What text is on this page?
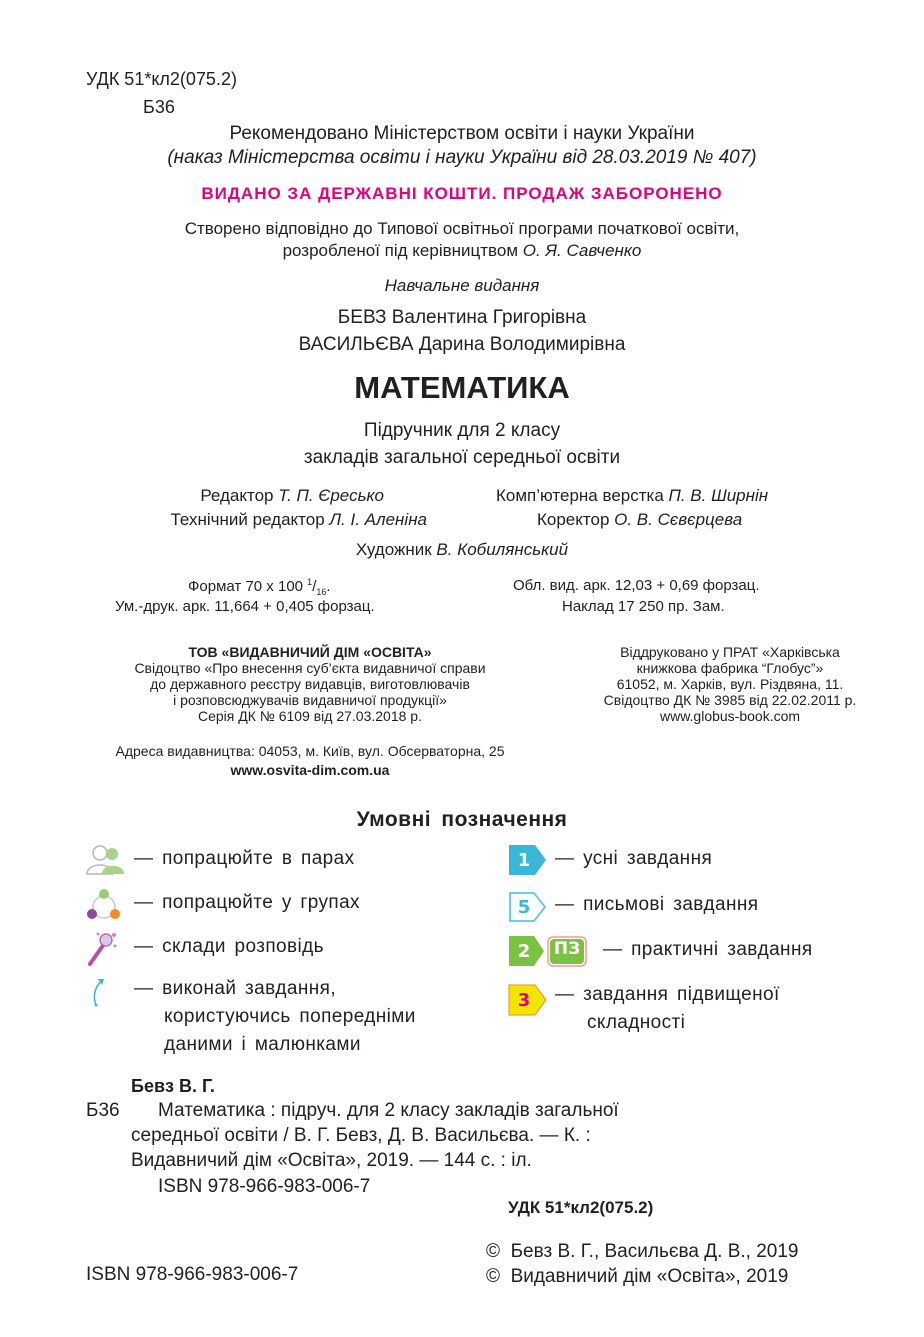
УДК 51*кл2(075.2)
Б36
Рекомендовано Міністерством освіти і науки України
(наказ Міністерства освіти і науки України від 28.03.2019 № 407)
ВИДАНО ЗА ДЕРЖАВНІ КОШТИ. ПРОДАЖ ЗАБОРОНЕНО
Створено відповідно до Типової освітньої програми початкової освіти,
розробленої під керівництвом О. Я. Савченко
Навчальне видання
БЕВЗ Валентина Григорівна
ВАСИЛЬЄВА Дарина Володимирівна
МАТЕМАТИКА
Підручник для 2 класу
закладів загальної середньої освіти
Редактор Т. П. Єресько
Технічний редактор Л. І. Аленіна
Комп’ютерна верстка П. В. Ширнін
Коректор О. В. Сєвєрцева
Художник В. Кобилянський
Формат 70 х 100 $^1/_{16}$.
Ум.-друк. арк. 11,664 + 0,405 форзац.
Обл. вид. арк. 12,03 + 0,69 форзац.
Наклад 17 250 пр. Зам.
ТОВ «ВИДАВНИЧИЙ ДІМ «ОСВІТА»
Свідоцтво «Про внесення суб’єкта видавничої справи
до державного реєстру видавців, виготовлювачів
і розповсюджувачів видавничої продукції»
Серія ДК № 6109 від 27.03.2018 р.
Адреса видавництва: 04053, м. Київ, вул. Обсерваторна, 25
www.osvita-dim.com.ua
Віддруковано у ПРАТ «Харківська
книжкова фабрика “Глобус”»
61052, м. Харків, вул. Різдвяна, 11.
Свідоцтво ДК № 3985 від 22.02.2011 р.
www.globus-book.com
Умовні позначення
— попрацюйте в парах
— попрацюйте у групах
— склади розповідь
— виконай завдання,
користуючись попередніми
даними і малюнками
1	— усні завдання
5	— письмові завдання
2	ПЗ — практичні завдання
3	— завдання підвищеної
складності
Бевз В. Г.
Б36 Математика : підруч. для 2 класу закладів загальної
середньої освіти / В. Г. Бевз, Д. В. Васильєва. — К. :
Видавничий дім «Освіта», 2019. — 144 с. : іл.
ISBN 978-966-983-006-7
УДК 51*кл2(075.2)
ISBN 978-966-983-006-7
© Бевз В. Г., Васильєва Д. В., 2019
© Видавничий дім «Освіта», 2019
